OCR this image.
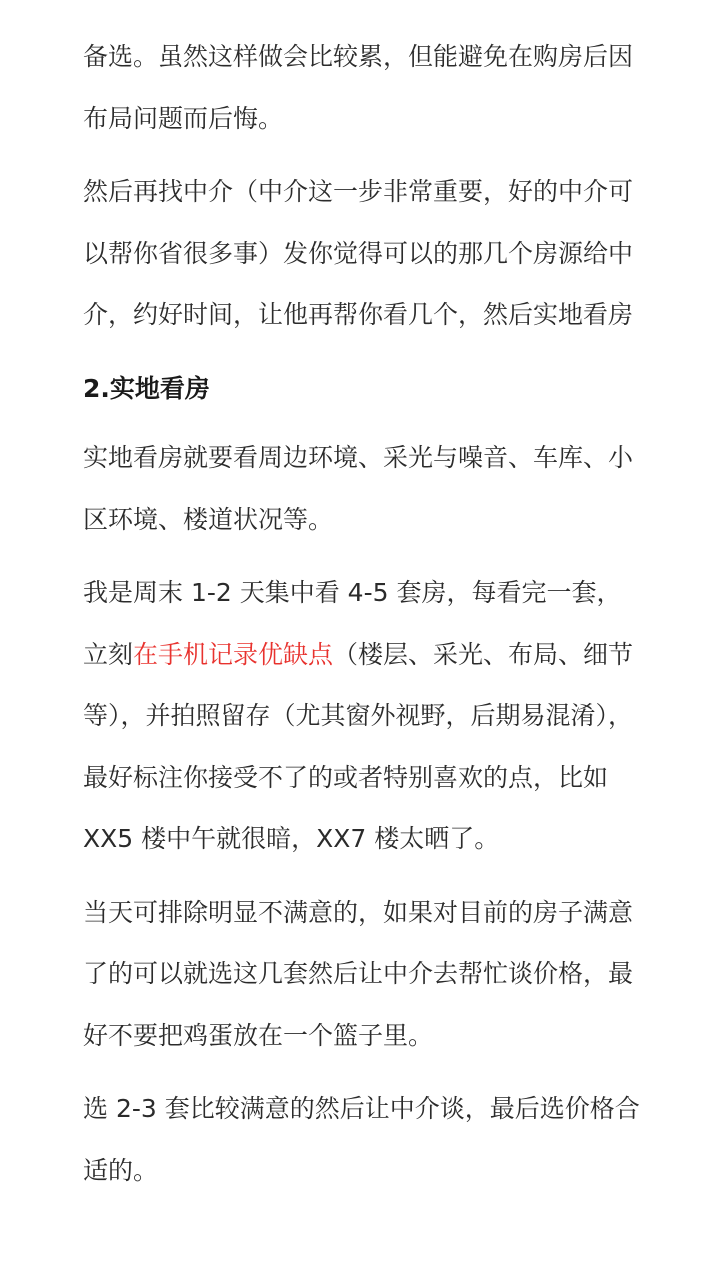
备选。虽然这样做会比较累，但能避免在购房后因布局问题而后悔。

然后再找中介（中介这一步非常重要，好的中介可以帮你省很多事）发你觉得可以的那几个房源给中介，约好时间，让他再帮你看几个，然后实地看房

2.实地看房

实地看房就要看周边环境、采光与噪音、车库、小区环境、楼道状况等。

我是周末 1-2 天集中看 4-5 套房，每看完一套，立刻在手机记录优缺点（楼层、采光、布局、细节等），并拍照留存（尤其窗外视野，后期易混淆），最好标注你接受不了的或者特别喜欢的点，比如 XX5 楼中午就很暗，XX7 楼太晒了。

当天可排除明显不满意的，如果对目前的房子满意了的可以就选这几套然后让中介去帮忙谈价格，最好不要把鸡蛋放在一个篮子里。

选 2-3 套比较满意的然后让中介谈，最后选价格合适的。
